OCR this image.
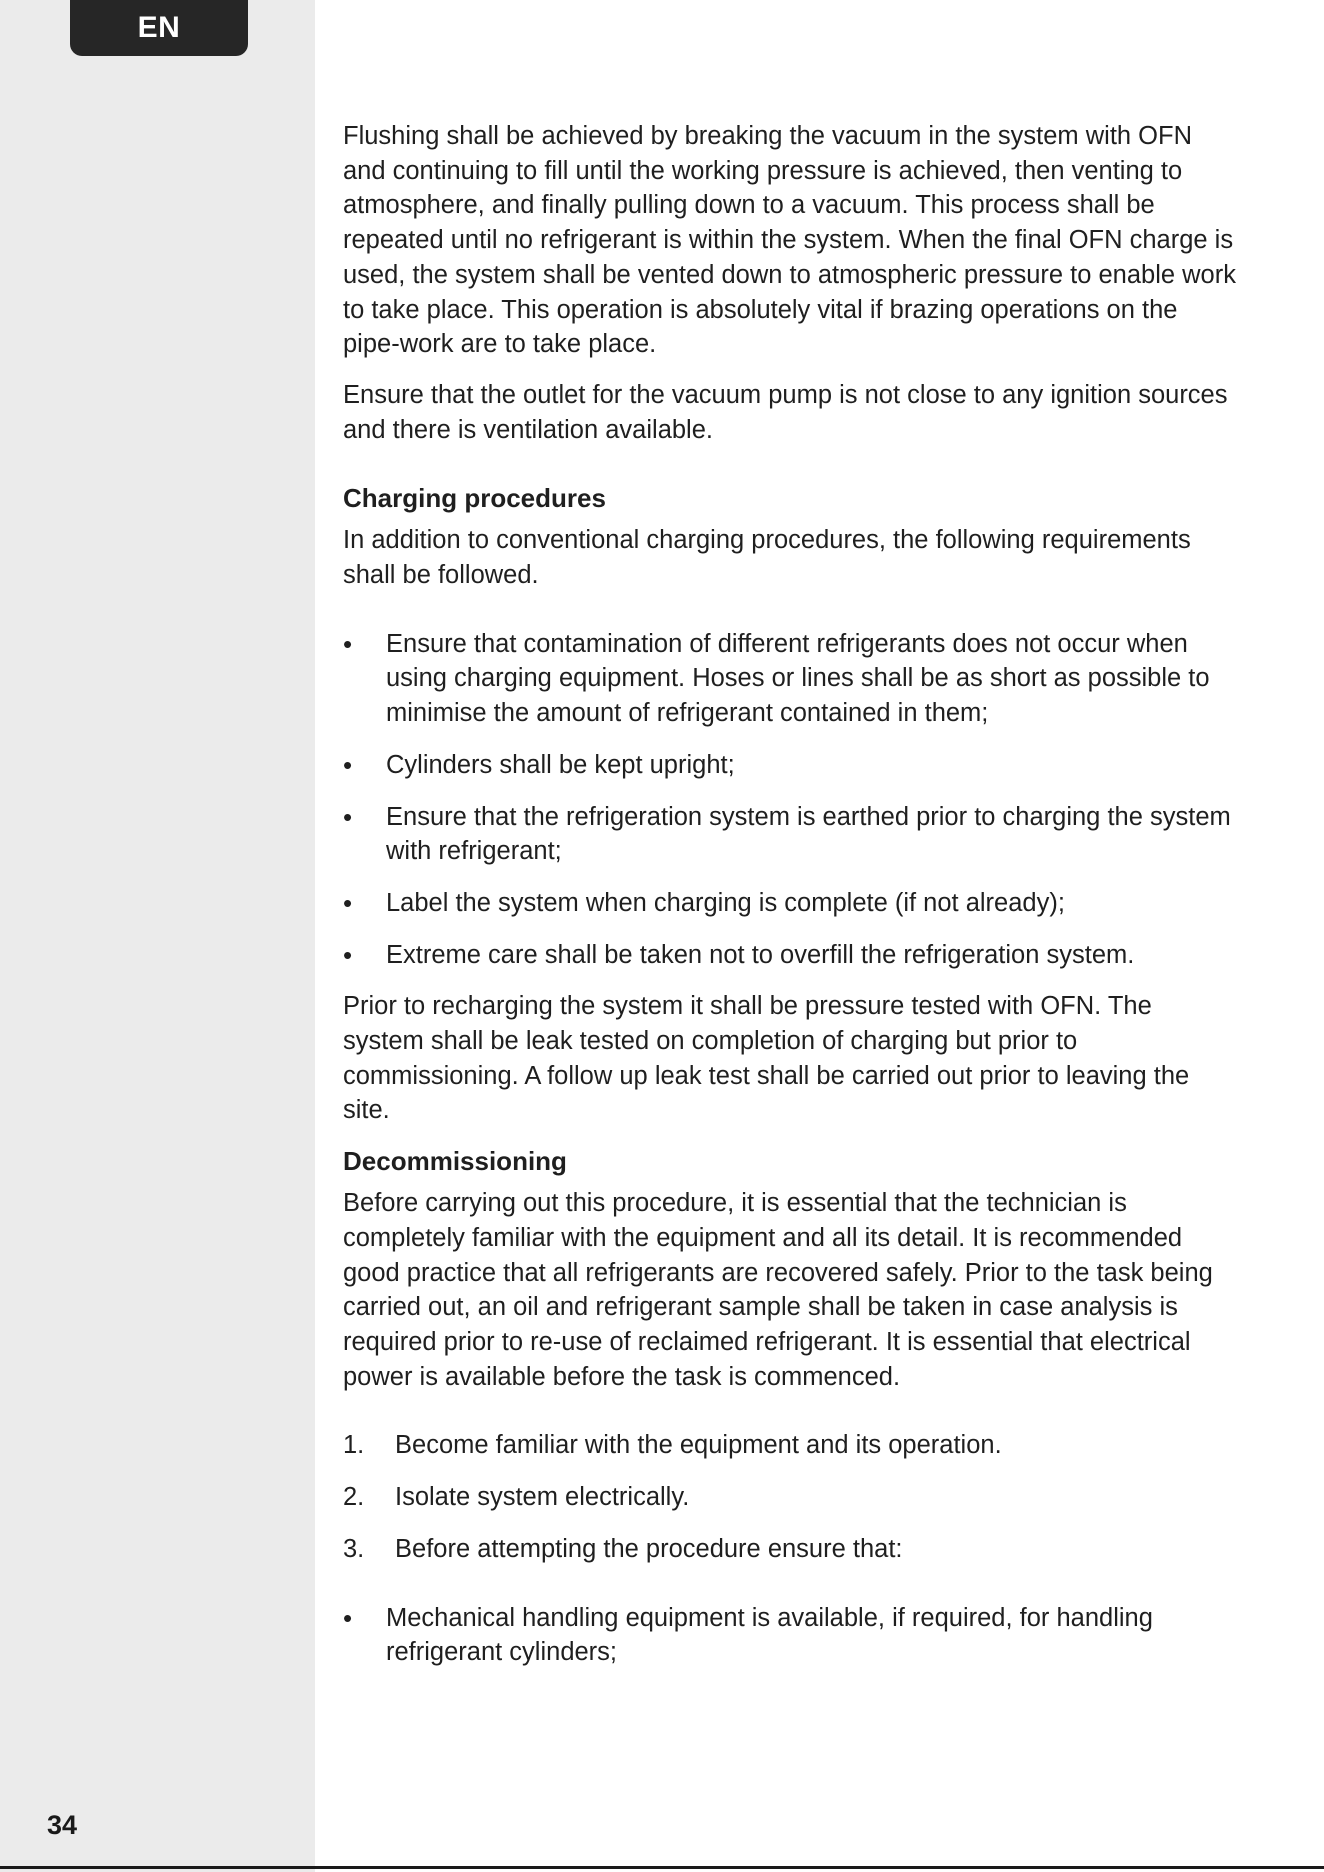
EN
34

Flushing shall be achieved by breaking the vacuum in the system with OFN and continuing to fill until the working pressure is achieved, then venting to atmosphere, and finally pulling down to a vacuum. This process shall be repeated until no refrigerant is within the system. When the final OFN charge is used, the system shall be vented down to atmospheric pressure to enable work to take place. This operation is absolutely vital if brazing operations on the pipe-work are to take place.

Ensure that the outlet for the vacuum pump is not close to any ignition sources and there is ventilation available.

Charging procedures

In addition to conventional charging procedures, the following requirements shall be followed.

• Ensure that contamination of different refrigerants does not occur when using charging equipment. Hoses or lines shall be as short as possible to minimise the amount of refrigerant contained in them;
• Cylinders shall be kept upright;
• Ensure that the refrigeration system is earthed prior to charging the system with refrigerant;
• Label the system when charging is complete (if not already);
• Extreme care shall be taken not to overfill the refrigeration system.

Prior to recharging the system it shall be pressure tested with OFN. The system shall be leak tested on completion of charging but prior to commissioning. A follow up leak test shall be carried out prior to leaving the site.

Decommissioning

Before carrying out this procedure, it is essential that the technician is completely familiar with the equipment and all its detail. It is recommended good practice that all refrigerants are recovered safely. Prior to the task being carried out, an oil and refrigerant sample shall be taken in case analysis is required prior to re-use of reclaimed refrigerant. It is essential that electrical power is available before the task is commenced.

1. Become familiar with the equipment and its operation.
2. Isolate system electrically.
3. Before attempting the procedure ensure that:
• Mechanical handling equipment is available, if required, for handling refrigerant cylinders;
